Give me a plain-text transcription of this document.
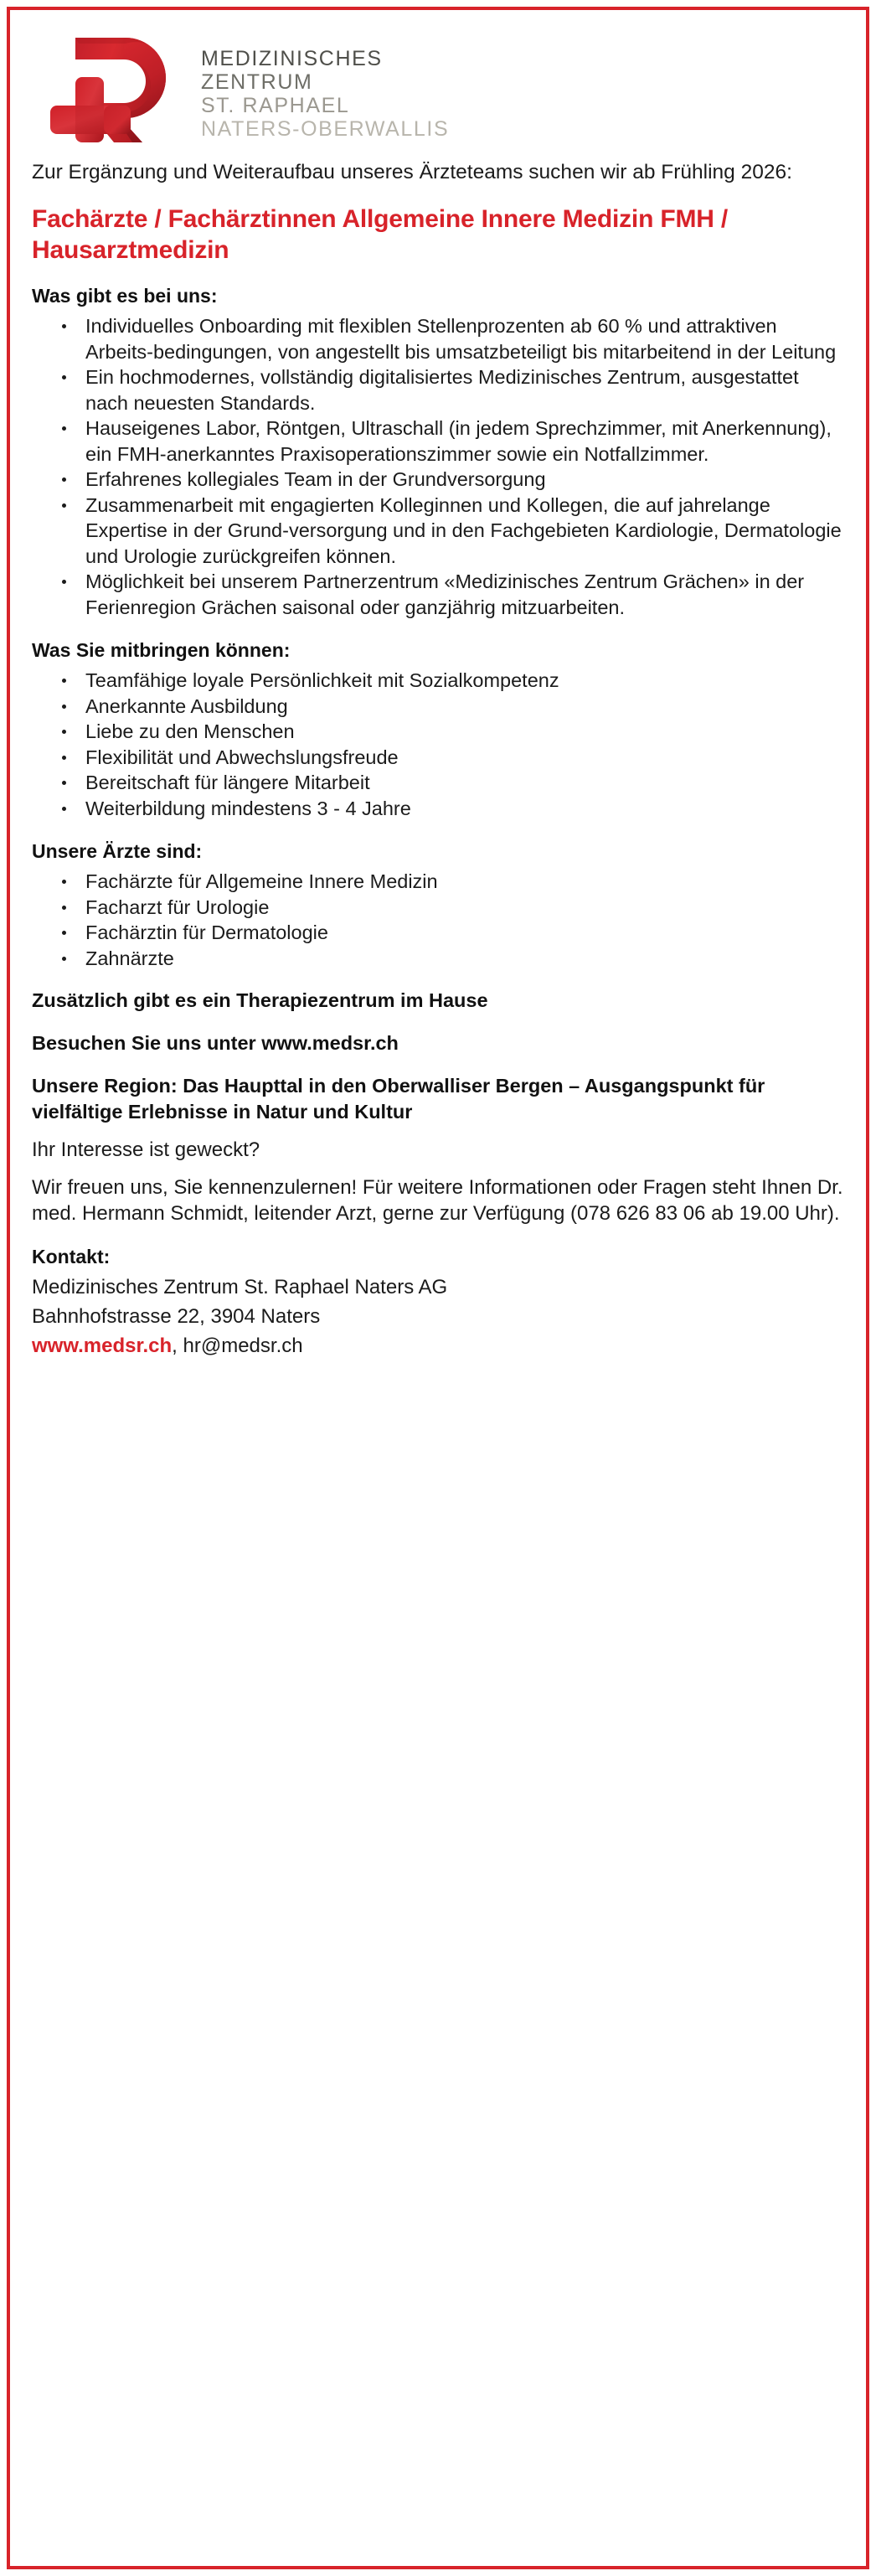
MEDIZINISCHES
ZENTRUM
ST. RAPHAEL
NATERS-OBERWALLIS

Zur Ergänzung und Weiteraufbau unseres Ärzteteams suchen wir ab Frühling 2026:

Fachärzte / Fachärztinnen Allgemeine Innere Medizin FMH / Hausarztmedizin
Was gibt es bei uns:
Individuelles Onboarding mit flexiblen Stellenprozenten ab 60 % und attraktiven Arbeits-bedingungen, von angestellt bis umsatzbeteiligt bis mitarbeitend in der Leitung
Ein hochmodernes, vollständig digitalisiertes Medizinisches Zentrum, ausgestattet nach neuesten Standards.
Hauseigenes Labor, Röntgen, Ultraschall (in jedem Sprechzimmer, mit Anerkennung), ein FMH-anerkanntes Praxisoperationszimmer sowie ein Notfallzimmer.
Erfahrenes kollegiales Team in der Grundversorgung
Zusammenarbeit mit engagierten Kolleginnen und Kollegen, die auf jahrelange Expertise in der Grund-versorgung und in den Fachgebieten Kardiologie, Dermatologie und Urologie zurückgreifen können.
Möglichkeit bei unserem Partnerzentrum «Medizinisches Zentrum Grächen» in der Ferienregion Grächen saisonal oder ganzjährig mitzuarbeiten.
Was Sie mitbringen können:
Teamfähige loyale Persönlichkeit mit Sozialkompetenz
Anerkannte Ausbildung
Liebe zu den Menschen
Flexibilität und Abwechslungsfreude
Bereitschaft für längere Mitarbeit
Weiterbildung mindestens 3 - 4 Jahre
Unsere Ärzte sind:
Fachärzte für Allgemeine Innere Medizin
Facharzt für Urologie
Fachärztin für Dermatologie
Zahnärzte

Zusätzlich gibt es ein Therapiezentrum im Hause

Besuchen Sie uns unter www.medsr.ch

Unsere Region: Das Haupttal in den Oberwalliser Bergen – Ausgangspunkt für vielfältige Erlebnisse in Natur und Kultur

Ihr Interesse ist geweckt?

Wir freuen uns, Sie kennenzulernen! Für weitere Informationen oder Fragen steht Ihnen Dr. med. Hermann Schmidt, leitender Arzt, gerne zur Verfügung (078 626 83 06 ab 19.00 Uhr).

Kontakt:

Medizinisches Zentrum St. Raphael Naters AG

Bahnhofstrasse 22, 3904 Naters

www.medsr.ch, hr@medsr.ch
